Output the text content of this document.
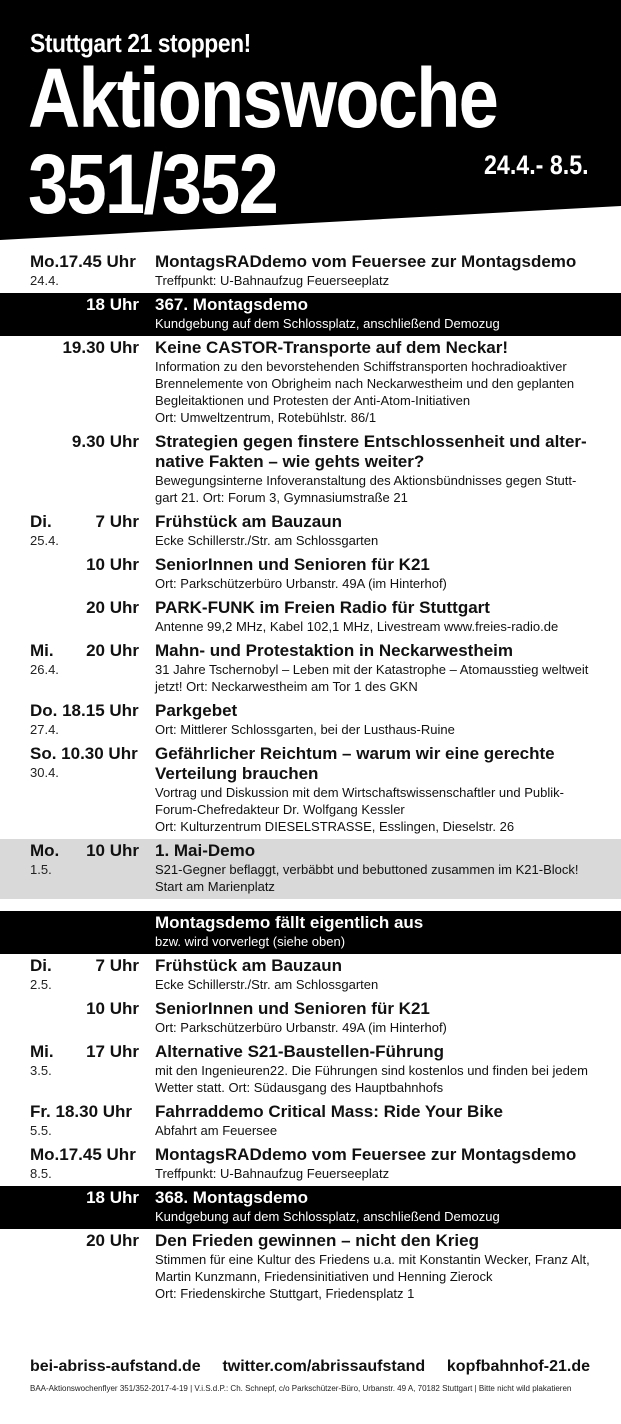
Stuttgart 21 stoppen!
Aktionswoche
351/352	24.4.- 8.5.
Mo.17.45 Uhr
24.4.
MontagsRADdemo vom Feuersee zur Montagsdemo
Treffpunkt: U-Bahnaufzug Feuerseeplatz
18 Uhr 367. Montagsdemo
Kundgebung auf dem Schlossplatz, anschließend Demozug
19.30 Uhr Keine CASTOR-Transporte auf dem Neckar!
Information zu den bevorstehenden Schiffstransporten hochradioaktiver
Brennelemente von Obrigheim nach Neckarwestheim und den geplanten
Begleitaktionen und Protesten der Anti-Atom-Initiativen
Ort: Umweltzentrum, Rotebühlstr. 86/1
9.30 Uhr Strategien gegen finstere Entschlossenheit und alter-
native Fakten – wie gehts weiter?
Bewegungsinterne Infoveranstaltung des Aktionsbündnisses gegen Stutt-
gart 21. Ort: Forum 3, Gymnasiumstraße 21
Di.
25.4.
7 Uhr Frühstück am Bauzaun
Ecke Schillerstr./Str. am Schlossgarten
10 Uhr SeniorInnen und Senioren für K21
Ort: Parkschützerbüro Urbanstr. 49A (im Hinterhof)
20 Uhr PARK-FUNK im Freien Radio für Stuttgart
Antenne 99,2 MHz, Kabel 102,1 MHz, Livestream www.freies-radio.de
Mi.
26.4.
20 Uhr Mahn- und Protestaktion in Neckarwestheim
31 Jahre Tschernobyl – Leben mit der Katastrophe – Atomausstieg weltweit
jetzt! Ort: Neckarwestheim am Tor 1 des GKN
Do. 18.15 Uhr
27.4.
Parkgebet
Ort: Mittlerer Schlossgarten, bei der Lusthaus-Ruine
So. 10.30 Uhr
30.4.
Gefährlicher Reichtum – warum wir eine gerechte
Verteilung brauchen
Vortrag und Diskussion mit dem Wirtschaftswissenschaftler und Publik-
Forum-Chefredakteur Dr. Wolfgang Kessler
Ort: Kulturzentrum DIESELSTRASSE, Esslingen, Dieselstr. 26
Mo.
1.5.
10 Uhr 1. Mai-Demo
S21-Gegner beflaggt, verbäbbt und bebuttoned zusammen im K21-Block!
Start am Marienplatz
Montagsdemo fällt eigentlich aus
bzw. wird vorverlegt (siehe oben)
Di.
2.5.
7 Uhr Frühstück am Bauzaun
Ecke Schillerstr./Str. am Schlossgarten
10 Uhr SeniorInnen und Senioren für K21
Ort: Parkschützerbüro Urbanstr. 49A (im Hinterhof)
Mi.
3.5.
17 Uhr Alternative S21-Baustellen-Führung
mit den Ingenieuren22. Die Führungen sind kostenlos und finden bei jedem
Wetter statt. Ort: Südausgang des Hauptbahnhofs
Fr. 18.30 Uhr
5.5.
Fahrraddemo Critical Mass: Ride Your Bike
Abfahrt am Feuersee
Mo.17.45 Uhr
8.5.
MontagsRADdemo vom Feuersee zur Montagsdemo
Treffpunkt: U-Bahnaufzug Feuerseeplatz
18 Uhr 368. Montagsdemo
Kundgebung auf dem Schlossplatz, anschließend Demozug
20 Uhr Den Frieden gewinnen – nicht den Krieg
Stimmen für eine Kultur des Friedens u.a. mit Konstantin Wecker, Franz Alt,
Martin Kunzmann, Friedensinitiativen und Henning Zierock
Ort: Friedenskirche Stuttgart, Friedensplatz 1
bei-abriss-aufstand.de twitter.com/abrissaufstand kopfbahnhof-21.de
BAA-Aktionswochenflyer 351/352-2017-4-19 | V.i.S.d.P.: Ch. Schnepf, c/o Parkschützer-Büro, Urbanstr. 49 A, 70182 Stuttgart | Bitte nicht wild plakatieren
